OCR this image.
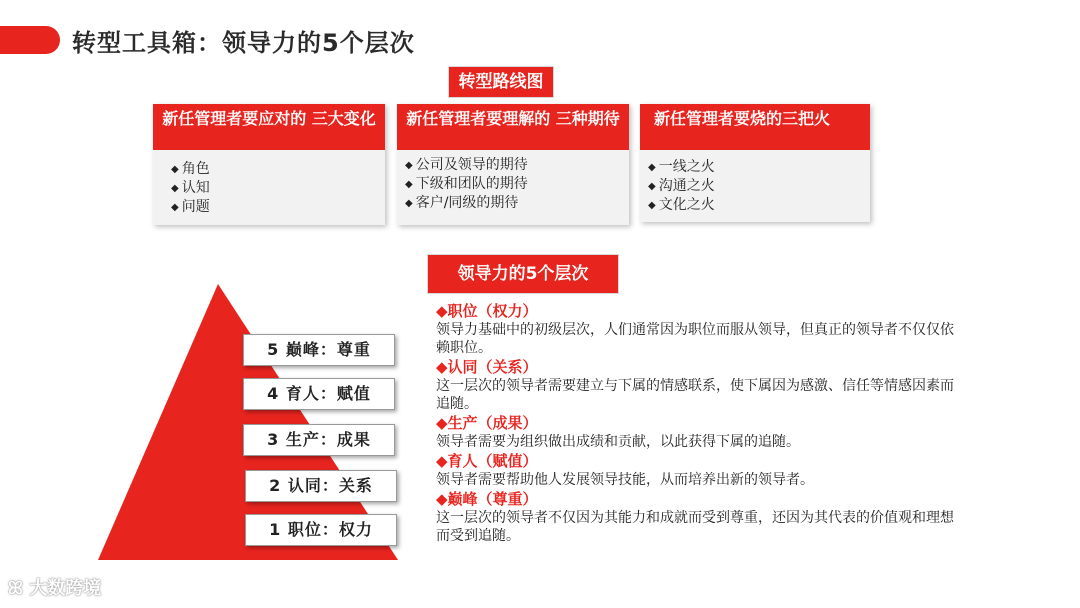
转型工具箱：领导力的5个层次
转型路线图
新任管理者要应对的 三大变化
◆ 角色
◆ 认知
◆ 问题
新任管理者要理解的 三种期待
◆ 公司及领导的期待
◆ 下级和团队的期待
◆ 客户/同级的期待
新任管理者要烧的三把火
◆ 一线之火
◆ 沟通之火
◆ 文化之火
领导力的5个层次
5 巅峰：尊重
4 育人：赋值
3 生产：成果
2 认同：关系
1 职位：权力
◆职位（权力）
领导力基础中的初级层次，人们通常因为职位而服从领导，但真正的领导者不仅仅依赖职位。
◆认同（关系）
这一层次的领导者需要建立与下属的情感联系，使下属因为感激、信任等情感因素而追随。
◆生产（成果）
领导者需要为组织做出成绩和贡献，以此获得下属的追随。
◆育人（赋值）
领导者需要帮助他人发展领导技能，从而培养出新的领导者。
◆巅峰（尊重）
这一层次的领导者不仅因为其能力和成就而受到尊重，还因为其代表的价值观和理想而受到追随。
ꕤ 大数跨境
